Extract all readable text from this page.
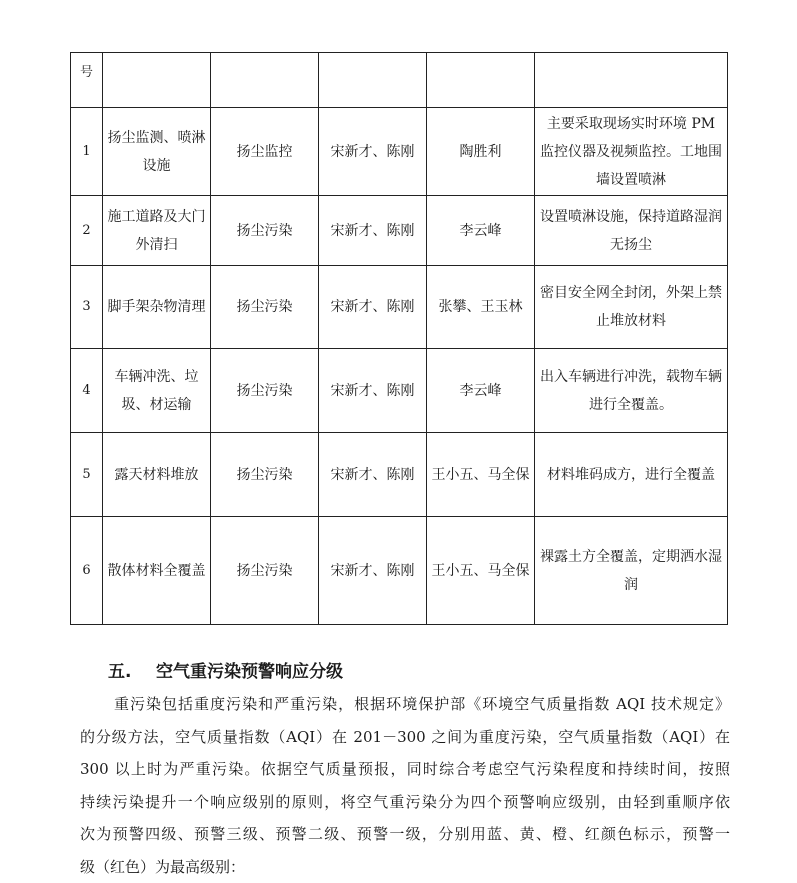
号					
1	扬尘监测、喷淋设施	扬尘监控	宋新才、陈刚	陶胜利	主要采取现场实时环境 PM 监控仪器及视频监控。工地围墙设置喷淋
2	施工道路及大门外清扫	扬尘污染	宋新才、陈刚	李云峰	设置喷淋设施，保持道路湿润无扬尘
3	脚手架杂物清理	扬尘污染	宋新才、陈刚	张攀、王玉林	密目安全网全封闭，外架上禁止堆放材料
4	车辆冲洗、垃圾、材运输	扬尘污染	宋新才、陈刚	李云峰	出入车辆进行冲洗，载物车辆进行全覆盖。
5	露天材料堆放	扬尘污染	宋新才、陈刚	王小五、马全保	材料堆码成方，进行全覆盖
6	散体材料全覆盖	扬尘污染	宋新才、陈刚	王小五、马全保	裸露土方全覆盖，定期洒水湿润
五. 空气重污染预警响应分级
重污染包括重度污染和严重污染，根据环境保护部《环境空气质量指数 AQI 技术规定》
的分级方法，空气质量指数（AQI）在 201－300 之间为重度污染，空气质量指数（AQI）在
300 以上时为严重污染。依据空气质量预报，同时综合考虑空气污染程度和持续时间，按照
持续污染提升一个响应级别的原则，将空气重污染分为四个预警响应级别，由轻到重顺序依
次为预警四级、预警三级、预警二级、预警一级，分别用蓝、黄、橙、红颜色标示，预警一
级（红色）为最高级别：
